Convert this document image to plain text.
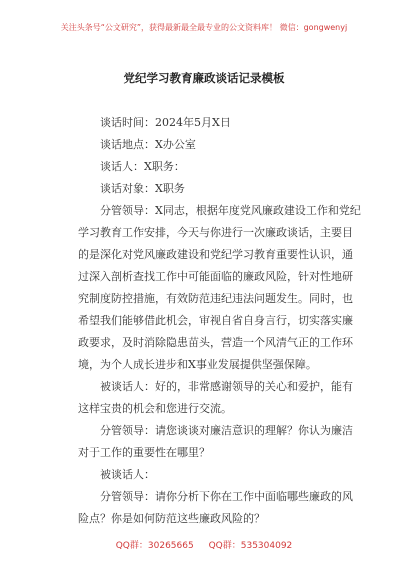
关注头条号“公文研究”，获得最新最全最专业的公文资料库！ 微信：gongwenyj
党纪学习教育廉政谈话记录模板

谈话时间：2024年5月X日

谈话地点：X办公室

谈话人：X职务：

谈话对象：X职务

分管领导：X同志，根据年度党风廉政建设工作和党纪
学习教育工作安排，今天与你进行一次廉政谈话，主要目
的是深化对党风廉政建设和党纪学习教育重要性认识，通
过深入剖析查找工作中可能面临的廉政风险，针对性地研
究制度防控措施，有效防范违纪违法问题发生。同时，也
希望我们能够借此机会，审视自省自身言行，切实落实廉
政要求，及时消除隐患苗头，营造一个风清气正的工作环
境，为个人成长进步和X事业发展提供坚强保障。

被谈话人：好的，非常感谢领导的关心和爱护，能有
这样宝贵的机会和您进行交流。

分管领导：请您谈谈对廉洁意识的理解？你认为廉洁
对于工作的重要性在哪里？

被谈话人：

分管领导：请你分析下你在工作中面临哪些廉政的风
险点？你是如何防范这些廉政风险的？

QQ群：30265665 QQ群：535304092
